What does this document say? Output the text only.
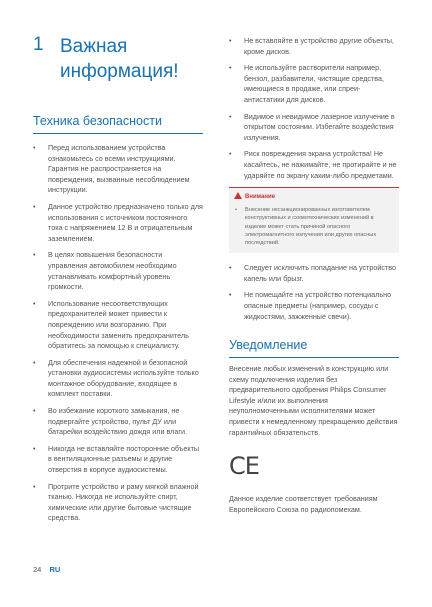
1 Важная информация!
Техника безопасности
• Перед использованием устройства ознакомьтесь со всеми инструкциями. Гарантия не распространяется на повреждения, вызванные несоблюдением инструкции.
• Данное устройство предназначено только для использования с источником постоянного тока с напряжением 12 В и отрицательным заземлением.
• В целях повышения безопасности управления автомобилем необходимо устанавливать комфортный уровень громкости.
• Использование несоответствующих предохранителей может привести к повреждению или возгоранию. При необходимости заменить предохранитель обратитесь за помощью к специалисту.
• Для обеспечения надежной и безопасной установки аудиосистемы используйте только монтажное оборудование, входящее в комплект поставки.
• Во избежание короткого замыкания, не подвергайте устройство, пульт ДУ или батарейки воздействию дождя или влаги.
• Никогда не вставляйте посторонние объекты в вентиляционные разъемы и другие отверстия в корпусе аудиосистемы.
• Протрите устройство и раму мягкой влажной тканью. Никогда не используйте спирт, химические или другие бытовые чистящие средства.
• Не вставляйте в устройство другие объекты, кроме дисков.
• Не используйте растворители например, бензол, разбавители, чистящие средства, имеющиеся в продаже, или спреи-антистатики для дисков.
• Видимое и невидимое лазерное излучение в открытом состоянии. Избегайте воздействия излучения.
• Риск повреждения экрана устройства! Не касайтесь, не нажимайте, не протирайте и не ударяйте по экрану каким-либо предметами.
Внимание
• Внесение несанкционированных изготовителем конструктивных и схемотехнических изменений в изделие может стать причиной опасного электромагнитного излучения или других опасных последствий.
• Следует исключить попадание на устройство капель или брызг.
• Не помещайте на устройство потенциально опасные предметы (например, сосуды с жидкостями, зажженные свечи).
Уведомление

Внесение любых изменений в конструкцию или схему подключения изделия без предварительного одобрения Philips Consumer Lifestyle и/или их выполнения неуполномоченными исполнителями может привести к немедленному прекращению действия гарантийных обязательств.

CE

Данное изделие соответствует требованиям Европейского Союза по радиопомехам.

24 RU
